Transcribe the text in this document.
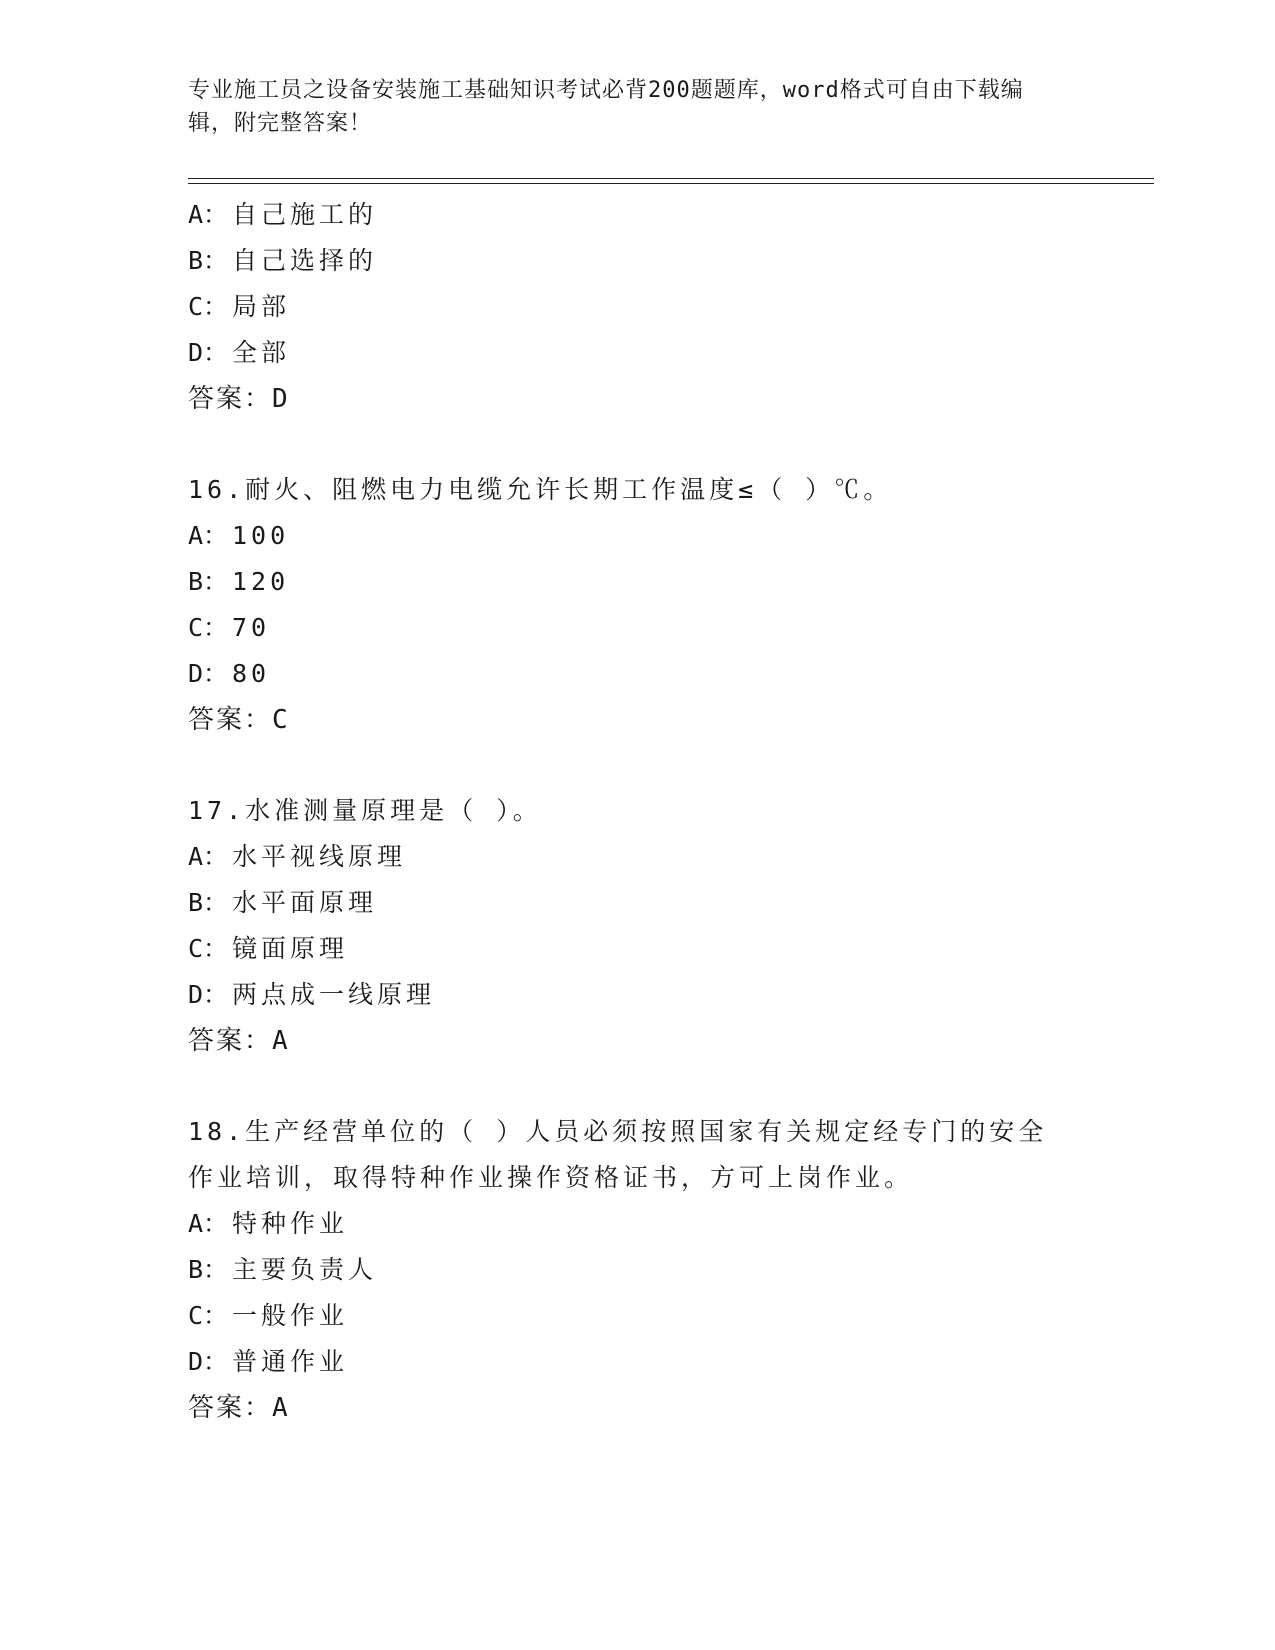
专业施工员之设备安装施工基础知识考试必背200题题库，word格式可自由下载编辑，附完整答案！
A： 自己施工的
B： 自己选择的
C： 局部
D： 全部
答案：D
16.耐火、阻燃电力电缆允许长期工作温度≤（ ）℃。
A： 100
B： 120
C： 70
D： 80
答案：C
17.水准测量原理是（ ）。
A： 水平视线原理
B： 水平面原理
C： 镜面原理
D： 两点成一线原理
答案：A
18.生产经营单位的（ ）人员必须按照国家有关规定经专门的安全作业培训，取得特种作业操作资格证书，方可上岗作业。
A： 特种作业
B： 主要负责人
C： 一般作业
D： 普通作业
答案：A
